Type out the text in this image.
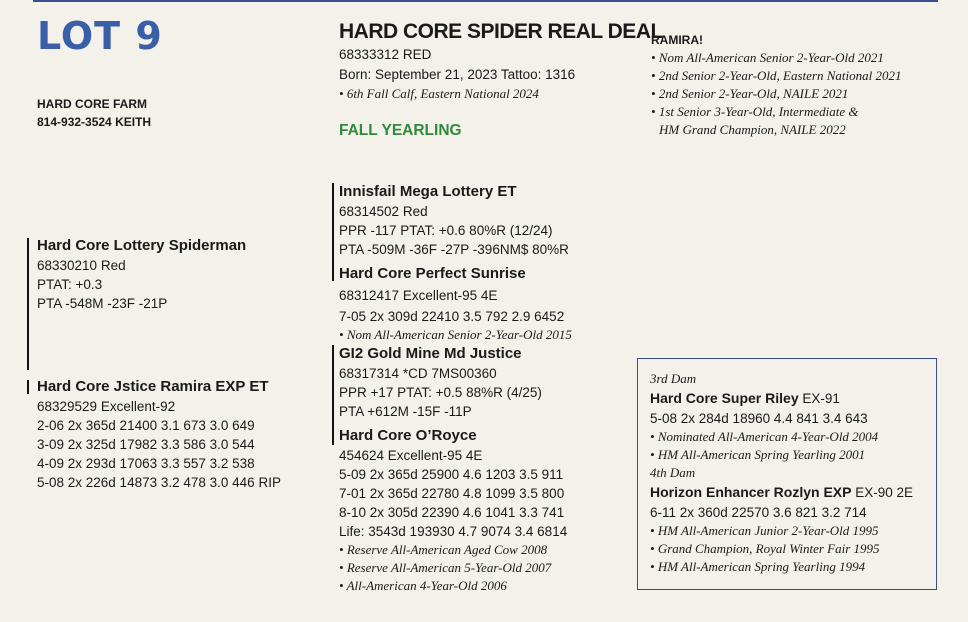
LOT 9
HARD CORE FARM
814-932-3524 KEITH
HARD CORE SPIDER REAL DEAL
68333312 RED
Born: September 21, 2023 Tattoo: 1316
• 6th Fall Calf, Eastern National 2024
FALL YEARLING
RAMIRA!
• Nom All-American Senior 2-Year-Old 2021
• 2nd Senior 2-Year-Old, Eastern National 2021
• 2nd Senior 2-Year-Old, NAILE 2021
• 1st Senior 3-Year-Old, Intermediate &
HM Grand Champion, NAILE 2022
Hard Core Lottery Spiderman
68330210 Red
PTAT: +0.3
PTA -548M -23F -21P
Hard Core Jstice Ramira EXP ET
68329529 Excellent-92
2-06 2x 365d 21400 3.1 673 3.0 649
3-09 2x 325d 17982 3.3 586 3.0 544
4-09 2x 293d 17063 3.3 557 3.2 538
5-08 2x 226d 14873 3.2 478 3.0 446 RIP
Innisfail Mega Lottery ET
68314502 Red
PPR -117 PTAT: +0.6 80%R (12/24)
PTA -509M -36F -27P -396NM$ 80%R
Hard Core Perfect Sunrise
68312417 Excellent-95 4E
7-05 2x 309d 22410 3.5 792 2.9 6452
• Nom All-American Senior 2-Year-Old 2015
GI2 Gold Mine Md Justice
68317314 *CD 7MS00360
PPR +17 PTAT: +0.5 88%R (4/25)
PTA +612M -15F -11P
Hard Core O’Royce
454624 Excellent-95 4E
5-09 2x 365d 25900 4.6 1203 3.5 911
7-01 2x 365d 22780 4.8 1099 3.5 800
8-10 2x 305d 22390 4.6 1041 3.3 741
Life: 3543d 193930 4.7 9074 3.4 6814
• Reserve All-American Aged Cow 2008
• Reserve All-American 5-Year-Old 2007
• All-American 4-Year-Old 2006
3rd Dam
Hard Core Super Riley EX-91
5-08 2x 284d 18960 4.4 841 3.4 643
• Nominated All-American 4-Year-Old 2004
• HM All-American Spring Yearling 2001
4th Dam
Horizon Enhancer Rozlyn EXP EX-90 2E
6-11 2x 360d 22570 3.6 821 3.2 714
• HM All-American Junior 2-Year-Old 1995
• Grand Champion, Royal Winter Fair 1995
• HM All-American Spring Yearling 1994
